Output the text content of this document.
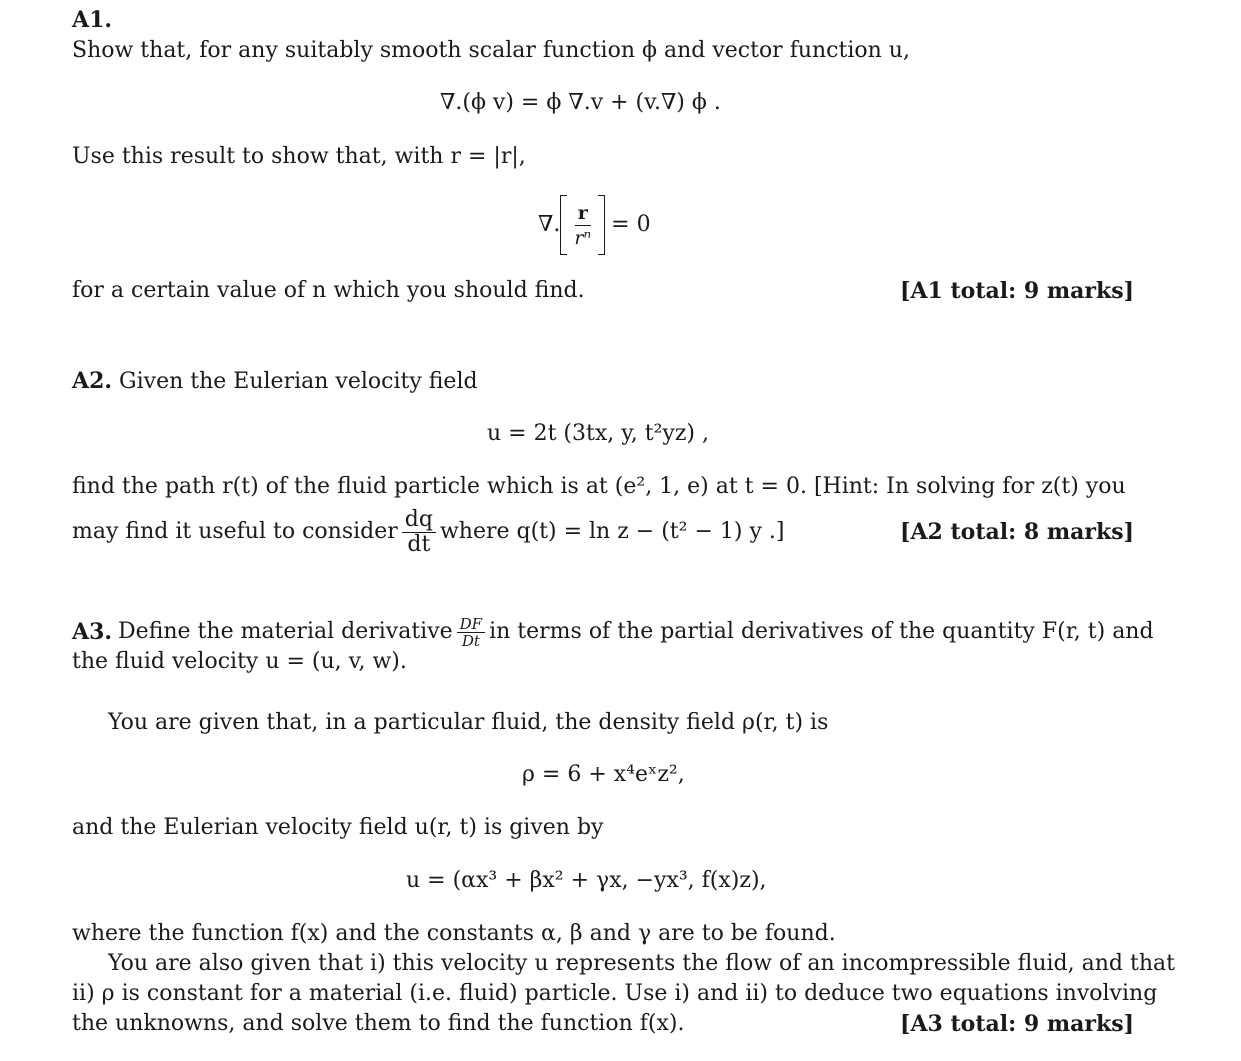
A1.
Show that, for any suitably smooth scalar function ϕ and vector function u,
∇.(ϕ v) = ϕ ∇.v + (v.∇) ϕ .
Use this result to show that, with r = |r|,
∇. $\frac{r}{\text{rⁿ}} = 0$
for a certain value of n which you should find.	[A1 total: 9 marks]
A2. Given the Eulerian velocity field
u = 2t (3tx, y, t²yz) ,
find the path r(t) of the fluid particle which is at (e², 1, e) at t = 0. [Hint: In solving for z(t) you
may find it useful to consider $\frac{dq}{dt}$ where q(t) = ln z − (t² − 1) y .]	[A2 total: 8 marks]
A3. Define the material derivative $\frac{DF}{Dt}$ in terms of the partial derivatives of the quantity F(r, t) and
the fluid velocity u = (u, v, w).
You are given that, in a particular fluid, the density field ρ(r, t) is
ρ = 6 + x⁴eˣz²,
and the Eulerian velocity field u(r, t) is given by
u = (αx³ + βx² + γx, −yx³, f(x)z),
where the function f(x) and the constants α, β and γ are to be found.
You are also given that i) this velocity u represents the flow of an incompressible fluid, and that
ii) ρ is constant for a material (i.e. fluid) particle. Use i) and ii) to deduce two equations involving
the unknowns, and solve them to find the function f(x).	[A3 total: 9 marks]
